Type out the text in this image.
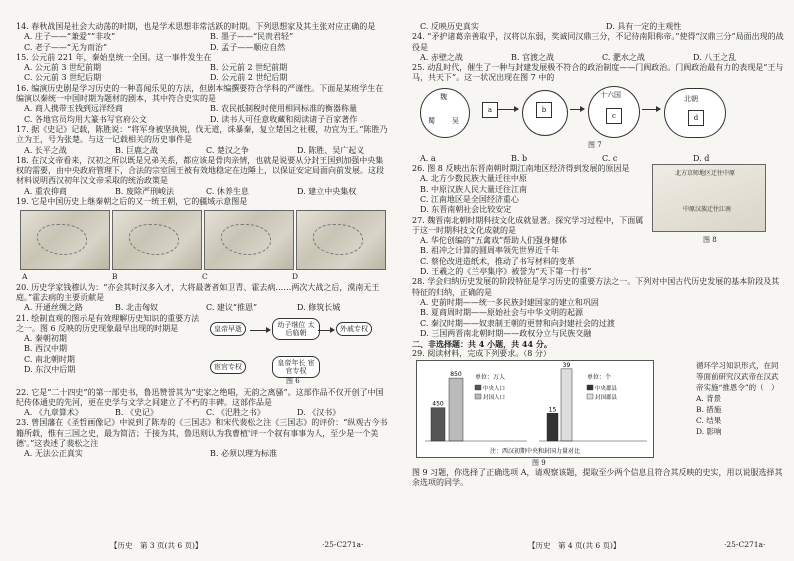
14. 春秋战国是社会大动荡的时期，也是学术思想非常活跃的时期。下列思想家及其主张对应正确的是

A. 庄子——“兼爱”“非攻”	B. 墨子——“民贵君轻”
C. 老子——“无为而治”	D. 孟子——顺应自然

15. 公元前 221 年，秦始皇统一全国。这一事件发生在

A. 公元前 3 世纪前期	B. 公元前 2 世纪前期
C. 公元前 3 世纪后期	D. 公元前 2 世纪后期

16. 编演历史剧是学习历史的一种喜闻乐见的方法，但剧本编撰要符合学科的严谨性。下面是某班学生在编演以秦统一中国时期为题材的剧本，其中符合史实的是

A. 商人携带玉钱到远洋经商	B. 农民抵制税时使用相同标准的衡器称量
C. 各地官员均用大篆书写官府公文	D. 读书人可任意收藏和阅读诸子百家著作

17. 据《史记》记载，陈胜说：“将军身被坚执锐，伐无道，诛暴秦，复立楚国之社稷，功宜为王。”陈胜乃立为王，号为张楚。与这一记载相关的历史事件是

A. 长平之战	B. 巨鹿之战	C. 楚汉之争	D. 陈胜、吴广起义

18. 在汉文帝看来，汉初之所以既是兄弟关系，都应该是骨肉亲情，也就是说要从分封王国到加强中央集权的需要，由中央政府管理下，合法的宗室国王被有效地稳定在边陲上，以保证安定局面向前发展。这段材料说明西汉初年汉文帝采取的统治政策是

A. 重农抑商	B. 废除严刑峻法	C. 休养生息	D. 建立中央集权

19. 它是中国历史上继秦朝之后的又一统王朝，它的疆域示意图是

A	B	C	D

20. 历史学家钱穆认为：“亦会其时汉多入才，大将最著者如卫青、霍去病……两次大战之后，漠南无王庭。”霍去病的主要贡献是

A. 开通丝绸之路	B. 北击匈奴	C. 建议“推恩”	D. 修筑长城

21. 绘制直观的图示是有效理解历史知识的重要方法之一。图 6 反映的历史现象最早出现的时期是

A. 秦朝初期
B. 西汉中期
C. 南北朝时期
D. 东汉中后期
皇帝早逝	幼子继位 太后临朝	外戚专权
皇帝年长 宦官专权
宦官专权
图 6

22. 它是“二十四史”的第一部史书，鲁迅赞誉其为“史家之绝唱，无韵之离骚”。这部作品不仅开创了中国纪传体通史的先河，更在史学与文学之间建立了不朽的丰碑。这部作品是

A. 《九章算术》	B. 《史记》	C. 《汜胜之书》	D. 《汉书》

23. 曾国藩在《圣哲画像记》中说到了陈寿的《三国志》和宋代裴松之注《三国志》的评价：“纵观古今书籍所载，惟有三国之史，最为简洁；于接为其，鲁迅则认为我曹植'评一个叙有事事为人，至少是一个美德'。”这表述了裴松之注

A. 无法公正真实	B. 必须以理为标准
【历史　第 3 页(共 6 页)】	·25-C271a·
C. 反映历史真实	D. 具有一定的主观性

24. “矛护诸葛亲善取乎，汉将以东弱，奖诚同汉鼎三分，不记待南阳称帝。”使得“汉鼎三分”局面出现的战役是

A. 赤壁之战	B. 官渡之战	C. 淝水之战	D. 八王之乱

25. 动乱时代，催生了一种与封建发展极不符合的政治制度——门阀政治。门阀政治最有力的表现是“王与马，共天下”。这一状况出现在图 7 中的

魏
蜀 吴
a	b
十六国
c
北朝
d
图 7
A. a	B. b	C. c	D. d

26. 图 8 反映出东晋南朝时期江南地区经济得到发展的原因是

A. 北方少数民族大量迁往中原
B. 中原汉族人民大量迁往江南
C. 江南地区是全国经济重心
D. 东晋南朝社会比较安定

27. 魏晋南北朝时期科技文化成就显著。探究学习过程中，下面属于这一时期科技文化成就的是

北方京师地区迁往中原
中原汉族迁往江南
图 8
A. 华佗创编的“五禽戏”帮助人们强身健体
B. 祖冲之计算的圆周率领先世界近千年
C. 蔡伦改进造纸术，推动了书写材料的变革
D. 王羲之的《兰亭集序》被誉为“天下第一行书”

28. 学会归纳历史发展的阶段特征是学习历史的重要方法之一。下列对中国古代历史发展的基本阶段及其特征的归纳，正确的是

A. 史前时期——统一多民族封建国家的建立和巩固
B. 夏商周时期——原始社会与中华文明的起源
C. 秦汉时期——奴隶制王朝的更替和向封建社会的过渡
D. 三国两晋南北朝时期——政权分立与民族交融

二、非选择题：共 4 小题，共 44 分。

29. 阅读材料，完成下列要求。（8 分）

450
850 单位：万人
中央人口
封国人口
15
39
单位：个
中央郡县
封国郡县
注：西汉初期中央和封国力量对比
循环学习知识形式，在同等面前研究汉武帝在汉武帝实施“推恩令”的（　）
A. 背景
B. 措施
C. 结果
D. 影响
图 9

图 9 习题，你选择了正确选项 A，请观察该题，提取至少两个信息且符合其反映的史实，用以说服选择其余选项的同学。

【历史　第 4 页(共 6 页)】	·25-C271a·
